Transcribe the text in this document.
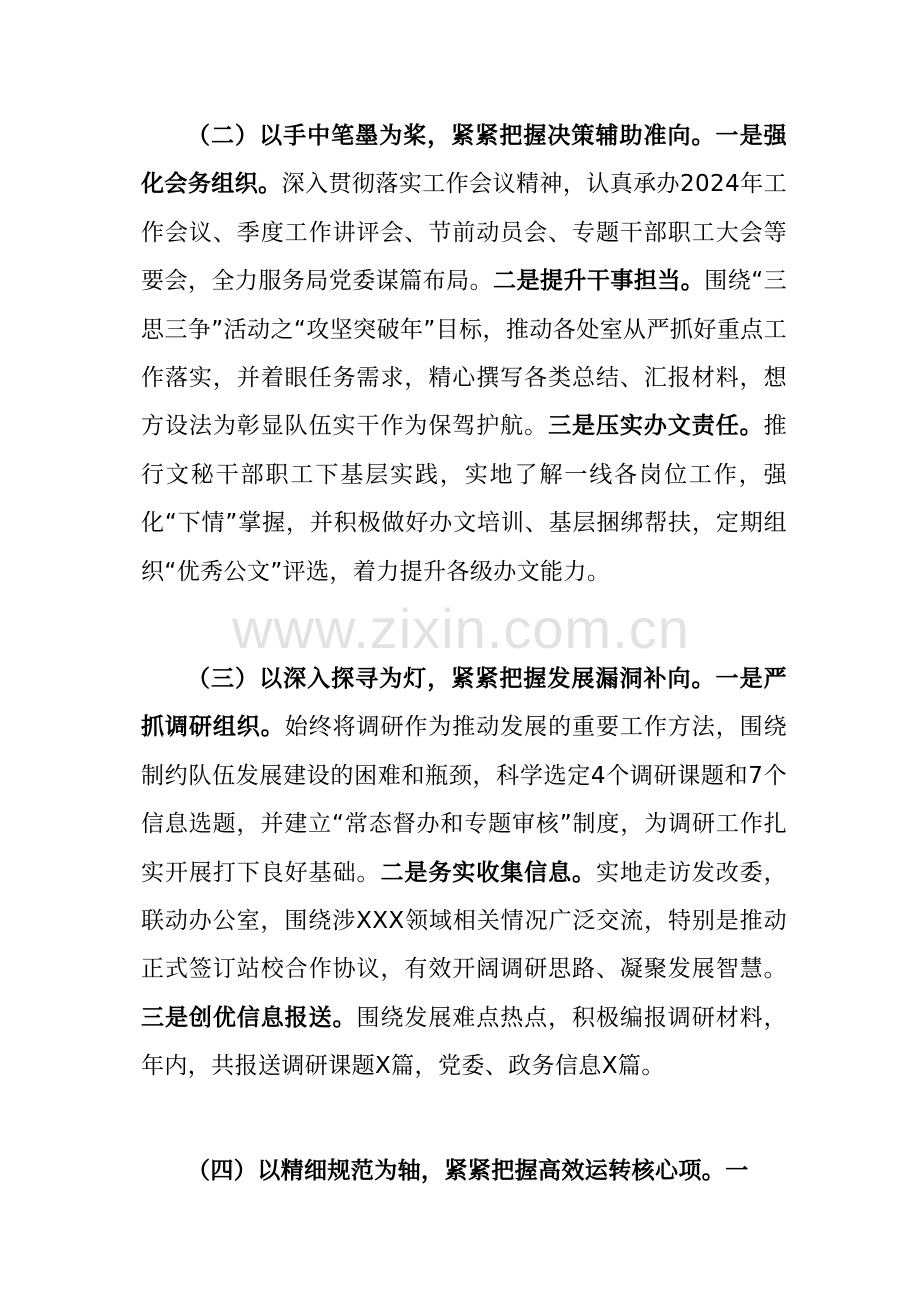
（二）以手中笔墨为桨，紧紧把握决策辅助准向。一是强化会务组织。深入贯彻落实工作会议精神，认真承办2024年工作会议、季度工作讲评会、节前动员会、专题干部职工大会等要会，全力服务局党委谋篇布局。二是提升干事担当。围绕“三思三争”活动之“攻坚突破年”目标，推动各处室从严抓好重点工作落实，并着眼任务需求，精心撰写各类总结、汇报材料，想方设法为彰显队伍实干作为保驾护航。三是压实办文责任。推行文秘干部职工下基层实践，实地了解一线各岗位工作，强化“下情”掌握，并积极做好办文培训、基层捆绑帮扶，定期组织“优秀公文”评选，着力提升各级办文能力。

（三）以深入探寻为灯，紧紧把握发展漏洞补向。一是严抓调研组织。始终将调研作为推动发展的重要工作方法，围绕制约队伍发展建设的困难和瓶颈，科学选定4个调研课题和7个信息选题，并建立“常态督办和专题审核”制度，为调研工作扎实开展打下良好基础。二是务实收集信息。实地走访发改委，联动办公室，围绕涉XXX领域相关情况广泛交流，特别是推动正式签订站校合作协议，有效开阔调研思路、凝聚发展智慧。三是创优信息报送。围绕发展难点热点，积极编报调研材料，年内，共报送调研课题X篇，党委、政务信息X篇。

（四）以精细规范为轴，紧紧把握高效运转核心项。一

www.zixin.com.cn
